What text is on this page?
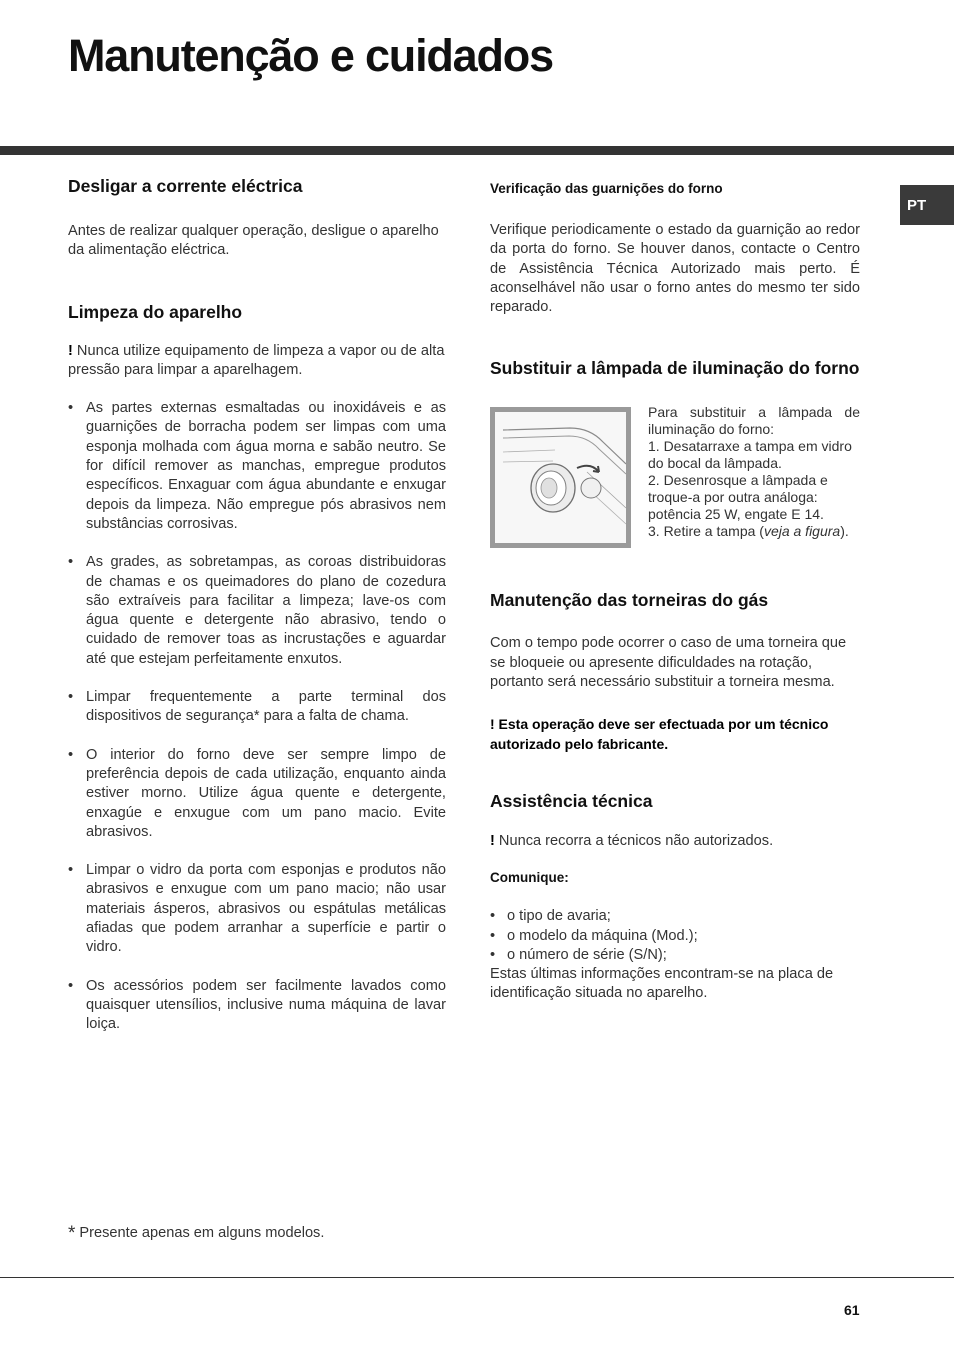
Manutenção e cuidados
PT
Desligar a corrente eléctrica

Antes de realizar qualquer operação, desligue o aparelho da alimentação eléctrica.

Limpeza do aparelho

! Nunca utilize equipamento de limpeza a vapor ou de alta pressão para limpar a aparelhagem.

• As partes externas esmaltadas ou inoxidáveis e as guarnições de borracha podem ser limpas com uma esponja molhada com água morna e sabão neutro. Se for difícil remover as manchas, empregue produtos específicos. Enxaguar com água abundante e enxugar depois da limpeza. Não empregue pós abrasivos nem substâncias corrosivas.
• As grades, as sobretampas, as coroas distribuidoras de chamas e os queimadores do plano de cozedura são extraíveis para facilitar a limpeza; lave-os com água quente e detergente não abrasivo, tendo o cuidado de remover toas as incrustações e aguardar até que estejam perfeitamente enxutos.
• Limpar frequentemente a parte terminal dos dispositivos de segurança* para a falta de chama.
• O interior do forno deve ser sempre limpo de preferência depois de cada utilização, enquanto ainda estiver morno. Utilize água quente e detergente, enxagúe e enxugue com um pano macio. Evite abrasivos.
• Limpar o vidro da porta com esponjas e produtos não abrasivos e enxugue com um pano macio; não usar materiais ásperos, abrasivos ou espátulas metálicas afiadas que podem arranhar a superfície e partir o vidro.
• Os acessórios podem ser facilmente lavados como quaisquer utensílios, inclusive numa máquina de lavar loiça.
Verificação das guarnições do forno

Verifique periodicamente o estado da guarnição ao redor da porta do forno. Se houver danos, contacte o Centro de Assistência Técnica Autorizado mais perto. É aconselhável não usar o forno antes do mesmo ter sido reparado.

Substituir a lâmpada de iluminação do forno

Para substituir a lâmpada de iluminação do forno:

1. Desatarraxe a tampa em vidro do bocal da lâmpada.

2. Desenrosque a lâmpada e troque-a por outra análoga: potência 25 W, engate E 14.

3. Retire a tampa (veja a figura).

Manutenção das torneiras do gás

Com o tempo pode ocorrer o caso de uma torneira que se bloqueie ou apresente dificuldades na rotação, portanto será necessário substituir a torneira mesma.

! Esta operação deve ser efectuada por um técnico autorizado pelo fabricante.

Assistência técnica

! Nunca recorra a técnicos não autorizados.

Comunique:
• o tipo de avaria;
• o modelo da máquina (Mod.);
• o número de série (S/N);

Estas últimas informações encontram-se na placa de identificação situada no aparelho.

* Presente apenas em alguns modelos.
61
